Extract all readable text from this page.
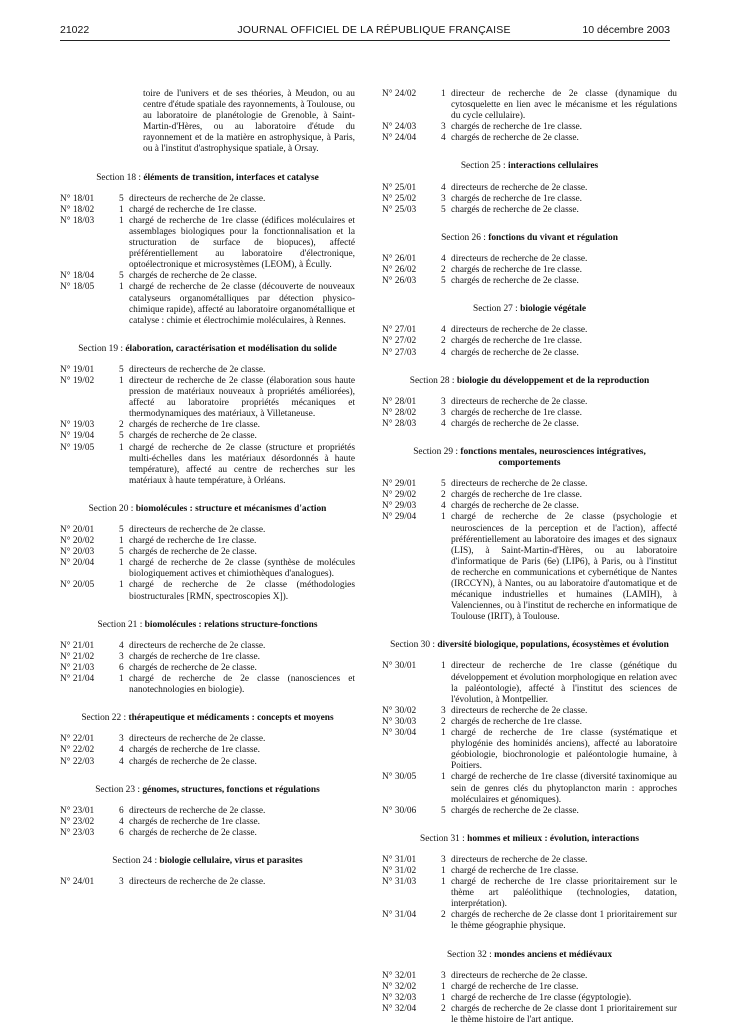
21022	JOURNAL OFFICIEL DE LA RÉPUBLIQUE FRANÇAISE	10 décembre 2003

toire de l'univers et de ses théories, à Meudon, ou au centre d'étude spatiale des rayonnements, à Toulouse, ou au laboratoire de planétologie de Grenoble, à Saint-Martin-d'Hères, ou au laboratoire d'étude du rayonnement et de la matière en astrophysique, à Paris, ou à l'institut d'astrophysique spatiale, à Orsay.

Section 18 : éléments de transition, interfaces et catalyse
N° 18/01	5 directeurs de recherche de 2e classe.
N° 18/02	1 chargé de recherche de 1re classe.
N° 18/03	1 chargé de recherche de 1re classe (édifices moléculaires et assemblages biologiques pour la fonctionnalisation et la structuration de surface de biopuces), affecté préférentiellement au laboratoire d'électronique, optoélectronique et microsystèmes (LEOM), à Écully.
N° 18/04	5 chargés de recherche de 2e classe.
N° 18/05	1 chargé de recherche de 2e classe (découverte de nouveaux catalyseurs organométalliques par détection physico-chimique rapide), affecté au laboratoire organométallique et catalyse : chimie et électrochimie moléculaires, à Rennes.
Section 19 : élaboration, caractérisation et modélisation du solide
N° 19/01	5 directeurs de recherche de 2e classe.
N° 19/02	1 directeur de recherche de 2e classe (élaboration sous haute pression de matériaux nouveaux à propriétés améliorées), affecté au laboratoire propriétés mécaniques et thermodynamiques des matériaux, à Villetaneuse.
N° 19/03	2 chargés de recherche de 1re classe.
N° 19/04	5 chargés de recherche de 2e classe.
N° 19/05	1 chargé de recherche de 2e classe (structure et propriétés multi-échelles dans les matériaux désordonnés à haute température), affecté au centre de recherches sur les matériaux à haute température, à Orléans.
Section 20 : biomolécules : structure et mécanismes d'action
N° 20/01	5 directeurs de recherche de 2e classe.
N° 20/02	1 chargé de recherche de 1re classe.
N° 20/03	5 chargés de recherche de 2e classe.
N° 20/04	1 chargé de recherche de 2e classe (synthèse de molécules biologiquement actives et chimiothèques d'analogues).
N° 20/05	1 chargé de recherche de 2e classe (méthodologies biostructurales [RMN, spectroscopies X]).
Section 21 : biomolécules : relations structure-fonctions
N° 21/01	4 directeurs de recherche de 2e classe.
N° 21/02	3 chargés de recherche de 1re classe.
N° 21/03	6 chargés de recherche de 2e classe.
N° 21/04	1 chargé de recherche de 2e classe (nanosciences et nanotechnologies en biologie).
Section 22 : thérapeutique et médicaments : concepts et moyens
N° 22/01	3 directeurs de recherche de 2e classe.
N° 22/02	4 chargés de recherche de 1re classe.
N° 22/03	4 chargés de recherche de 2e classe.
Section 23 : génomes, structures, fonctions et régulations
N° 23/01	6 directeurs de recherche de 2e classe.
N° 23/02	4 chargés de recherche de 1re classe.
N° 23/03	6 chargés de recherche de 2e classe.
Section 24 : biologie cellulaire, virus et parasites
N° 24/01	3 directeurs de recherche de 2e classe.
N° 24/02	1 directeur de recherche de 2e classe (dynamique du cytosquelette en lien avec le mécanisme et les régulations du cycle cellulaire).
N° 24/03	3 chargés de recherche de 1re classe.
N° 24/04	4 chargés de recherche de 2e classe.
Section 25 : interactions cellulaires
N° 25/01	4 directeurs de recherche de 2e classe.
N° 25/02	3 chargés de recherche de 1re classe.
N° 25/03	5 chargés de recherche de 2e classe.
Section 26 : fonctions du vivant et régulation
N° 26/01	4 directeurs de recherche de 2e classe.
N° 26/02	2 chargés de recherche de 1re classe.
N° 26/03	5 chargés de recherche de 2e classe.
Section 27 : biologie végétale
N° 27/01	4 directeurs de recherche de 2e classe.
N° 27/02	2 chargés de recherche de 1re classe.
N° 27/03	4 chargés de recherche de 2e classe.
Section 28 : biologie du développement et de la reproduction
N° 28/01	3 directeurs de recherche de 2e classe.
N° 28/02	3 chargés de recherche de 1re classe.
N° 28/03	4 chargés de recherche de 2e classe.
Section 29 : fonctions mentales, neurosciences intégratives, comportements
N° 29/01	5 directeurs de recherche de 2e classe.
N° 29/02	2 chargés de recherche de 1re classe.
N° 29/03	4 chargés de recherche de 2e classe.
N° 29/04	1 chargé de recherche de 2e classe (psychologie et neurosciences de la perception et de l'action), affecté préférentiellement au laboratoire des images et des signaux (LIS), à Saint-Martin-d'Hères, ou au laboratoire d'informatique de Paris (6e) (LIP6), à Paris, ou à l'institut de recherche en communications et cybernétique de Nantes (IRCCYN), à Nantes, ou au laboratoire d'automatique et de mécanique industrielles et humaines (LAMIH), à Valenciennes, ou à l'institut de recherche en informatique de Toulouse (IRIT), à Toulouse.
Section 30 : diversité biologique, populations, écosystèmes et évolution
N° 30/01	1 directeur de recherche de 1re classe (génétique du développement et évolution morphologique en relation avec la paléontologie), affecté à l'institut des sciences de l'évolution, à Montpellier.
N° 30/02	3 directeurs de recherche de 2e classe.
N° 30/03	2 chargés de recherche de 1re classe.
N° 30/04	1 chargé de recherche de 1re classe (systématique et phylogénie des hominidés anciens), affecté au laboratoire géobiologie, biochronologie et paléontologie humaine, à Poitiers.
N° 30/05	1 chargé de recherche de 1re classe (diversité taxinomique au sein de genres clés du phytoplancton marin : approches moléculaires et génomiques).
N° 30/06	5 chargés de recherche de 2e classe.
Section 31 : hommes et milieux : évolution, interactions
N° 31/01	3 directeurs de recherche de 2e classe.
N° 31/02	1 chargé de recherche de 1re classe.
N° 31/03	1 chargé de recherche de 1re classe prioritairement sur le thème art paléolithique (technologies, datation, interprétation).
N° 31/04	2 chargés de recherche de 2e classe dont 1 prioritairement sur le thème géographie physique.
Section 32 : mondes anciens et médiévaux
N° 32/01	3 directeurs de recherche de 2e classe.
N° 32/02	1 chargé de recherche de 1re classe.
N° 32/03	1 chargé de recherche de 1re classe (égyptologie).
N° 32/04	2 chargés de recherche de 2e classe dont 1 prioritairement sur le thème histoire de l'art antique.
